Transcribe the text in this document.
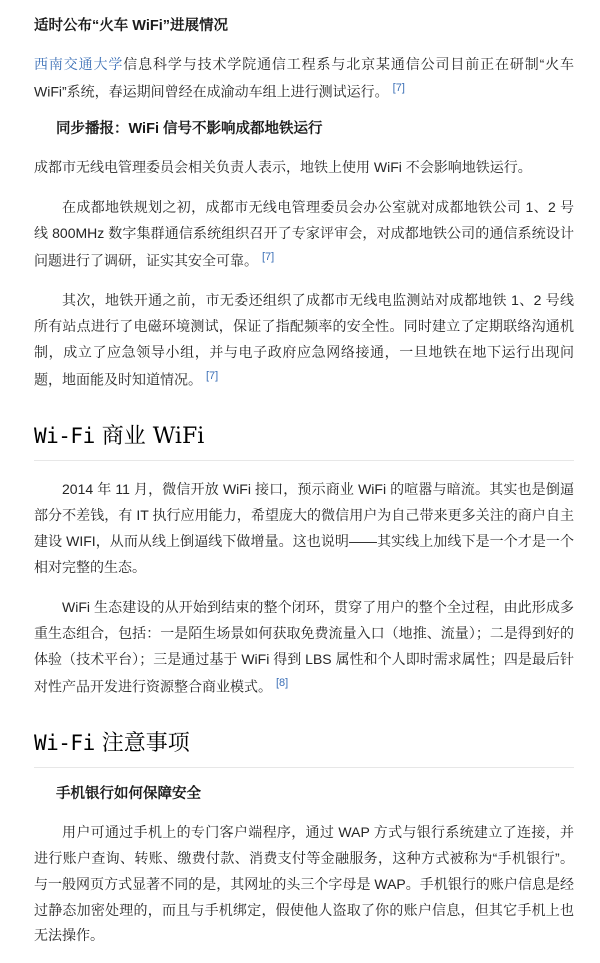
适时公布“火车 WiFi”进展情况

西南交通大学信息科学与技术学院通信工程系与北京某通信公司目前正在研制“火车 WiFi”系统，春运期间曾经在成渝动车组上进行测试运行。 [7]

同步播报：WiFi 信号不影响成都地铁运行

成都市无线电管理委员会相关负责人表示，地铁上使用 WiFi 不会影响地铁运行。

在成都地铁规划之初，成都市无线电管理委员会办公室就对成都地铁公司 1、2 号线 800MHz 数字集群通信系统组织召开了专家评审会，对成都地铁公司的通信系统设计问题进行了调研，证实其安全可靠。 [7]

其次，地铁开通之前，市无委还组织了成都市无线电监测站对成都地铁 1、2 号线所有站点进行了电磁环境测试，保证了指配频率的安全性。同时建立了定期联络沟通机制，成立了应急领导小组，并与电子政府应急网络接通，一旦地铁在地下运行出现问题，地面能及时知道情况。 [7]

Wi-Fi 商业 WiFi

2014 年 11 月，微信开放 WiFi 接口，预示商业 WiFi 的喧嚣与暗流。其实也是倒逼部分不差钱，有 IT 执行应用能力，希望庞大的微信用户为自己带来更多关注的商户自主建设 WIFI，从而从线上倒逼线下做增量。这也说明——其实线上加线下是一个才是一个相对完整的生态。

WiFi 生态建设的从开始到结束的整个闭环，贯穿了用户的整个全过程，由此形成多重生态组合，包括：一是陌生场景如何获取免费流量入口（地推、流量）；二是得到好的体验（技术平台）；三是通过基于 WiFi 得到 LBS 属性和个人即时需求属性；四是最后针对性产品开发进行资源整合商业模式。 [8]

Wi-Fi 注意事项
手机银行如何保障安全

用户可通过手机上的专门客户端程序，通过 WAP 方式与银行系统建立了连接，并进行账户查询、转账、缴费付款、消费支付等金融服务，这种方式被称为“手机银行”。与一般网页方式显著不同的是，其网址的头三个字母是 WAP。手机银行的账户信息是经过静态加密处理的，而且与手机绑定，假使他人盗取了你的账户信息，但其它手机上也无法操作。
